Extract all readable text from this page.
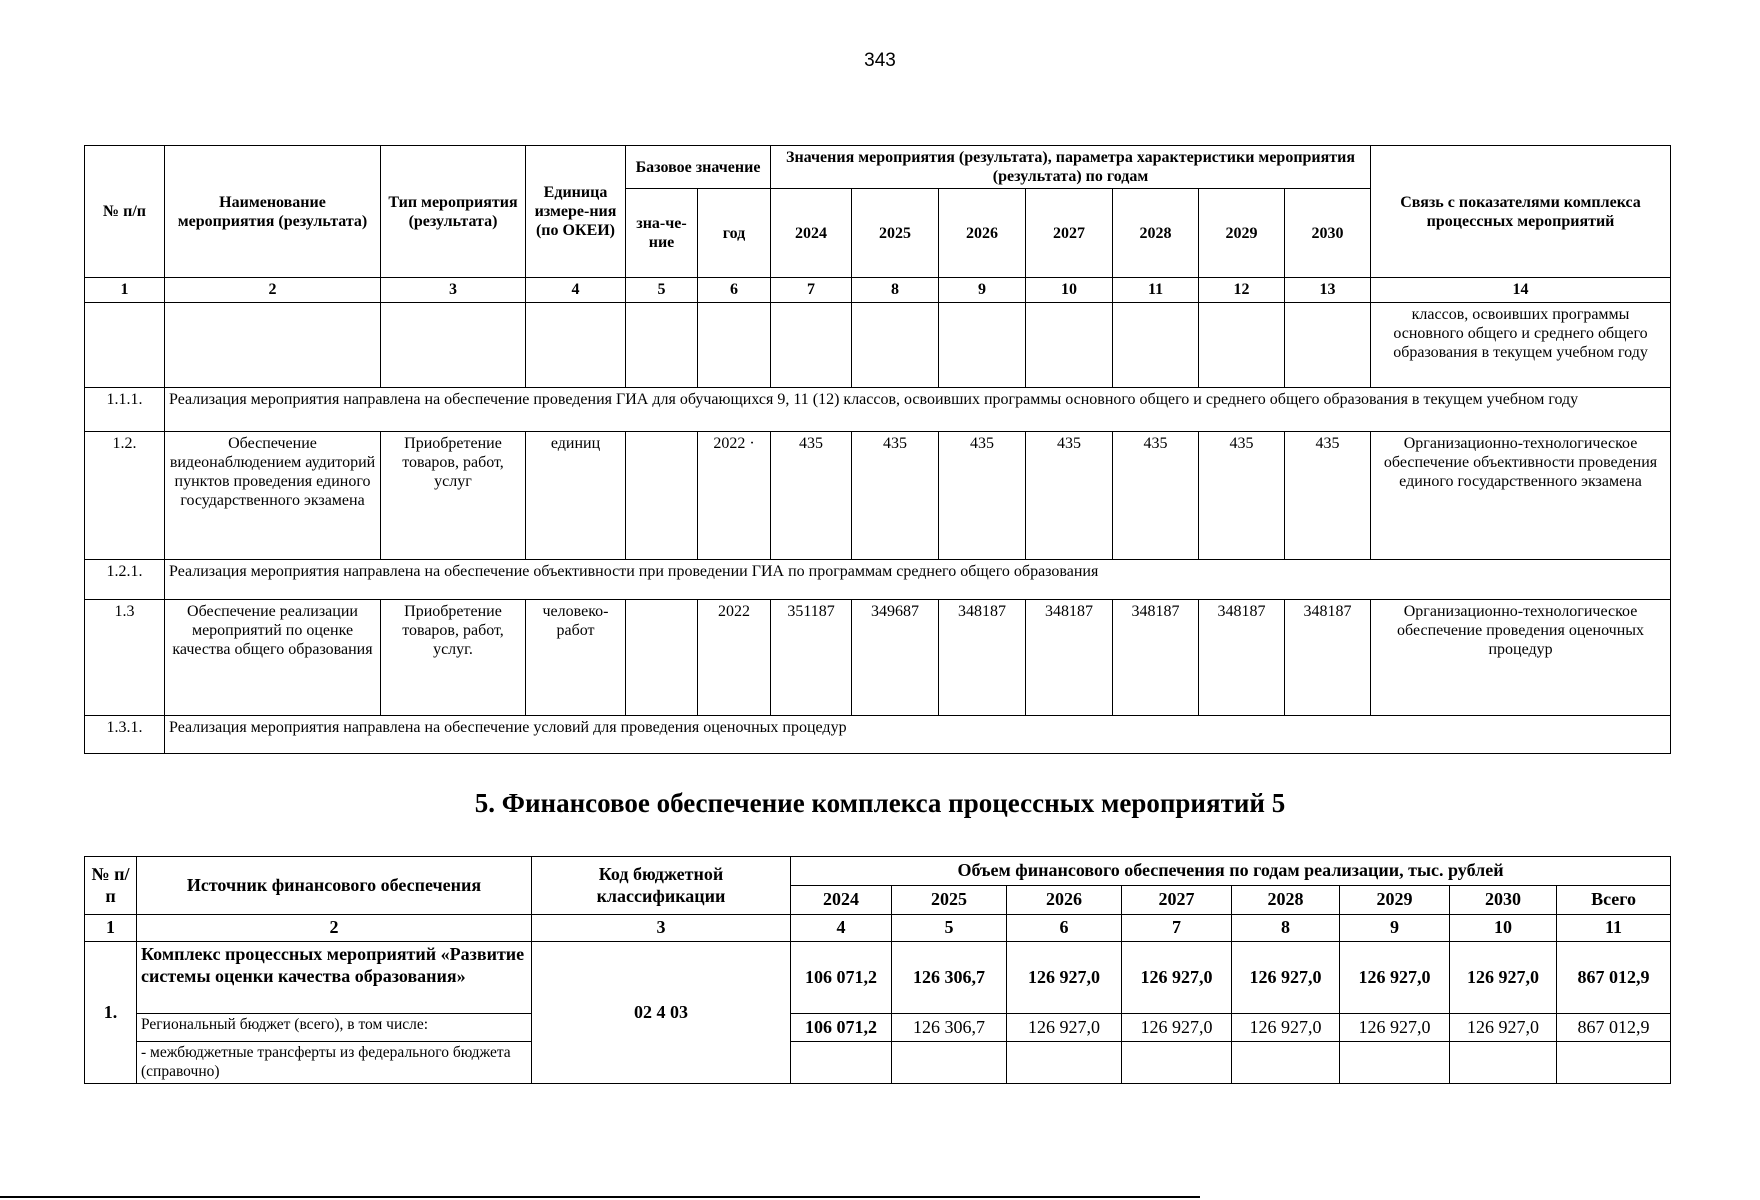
343
№ п/п	Наименование мероприятия (результата)	Тип мероприятия (результата)	Единица измере-ния (по ОКЕИ)	Базовое значение		Значения мероприятия (результата), параметра характеристики мероприятия (результата) по годам							Связь с показателями комплекса процессных мероприятий
				зна-че-ние	год	2024	2025	2026	2027	2028	2029	2030	
1	2	3	4	5	6	7	8	9	10	11	12	13	14
													классов, освоивших программы основного общего и среднего общего образования в текущем учебном году
1.1.1.	Реализация мероприятия направлена на обеспечение проведения ГИА для обучающихся 9, 11 (12) классов, освоивших программы основного общего и среднего общего образования в текущем учебном году												
1.2.	Обеспечение видеонаблюдением аудиторий пунктов проведения единого государственного экзамена	Приобретение товаров, работ, услуг	единиц		2022 ·	435	435	435	435	435	435	435	Организационно-технологическое обеспечение объективности проведения единого государственного экзамена
1.2.1.	Реализация мероприятия направлена на обеспечение объективности при проведении ГИА по программам среднего общего образования												
1.3	Обеспечение реализации мероприятий по оценке качества общего образования	Приобретение товаров, работ, услуг.	человеко-работ		2022	351187	349687	348187	348187	348187	348187	348187	Организационно-технологическое обеспечение проведения оценочных процедур
1.3.1.	Реализация мероприятия направлена на обеспечение условий для проведения оценочных процедур												
5. Финансовое обеспечение комплекса процессных мероприятий 5
№ п/п	Источник финансового обеспечения	Код бюджетной классификации	Объем финансового обеспечения по годам реализации, тыс. рублей							
			2024	2025	2026	2027	2028	2029	2030	Всего
1	2	3	4	5	6	7	8	9	10	11
1.	Комплекс процессных мероприятий «Развитие системы оценки качества образования»	02 4 03	106 071,2	126 306,7	126 927,0	126 927,0	126 927,0	126 927,0	126 927,0	867 012,9
	Региональный бюджет (всего), в том числе:		106 071,2	126 306,7	126 927,0	126 927,0	126 927,0	126 927,0	126 927,0	867 012,9
	- межбюджетные трансферты из федерального бюджета (справочно)									
